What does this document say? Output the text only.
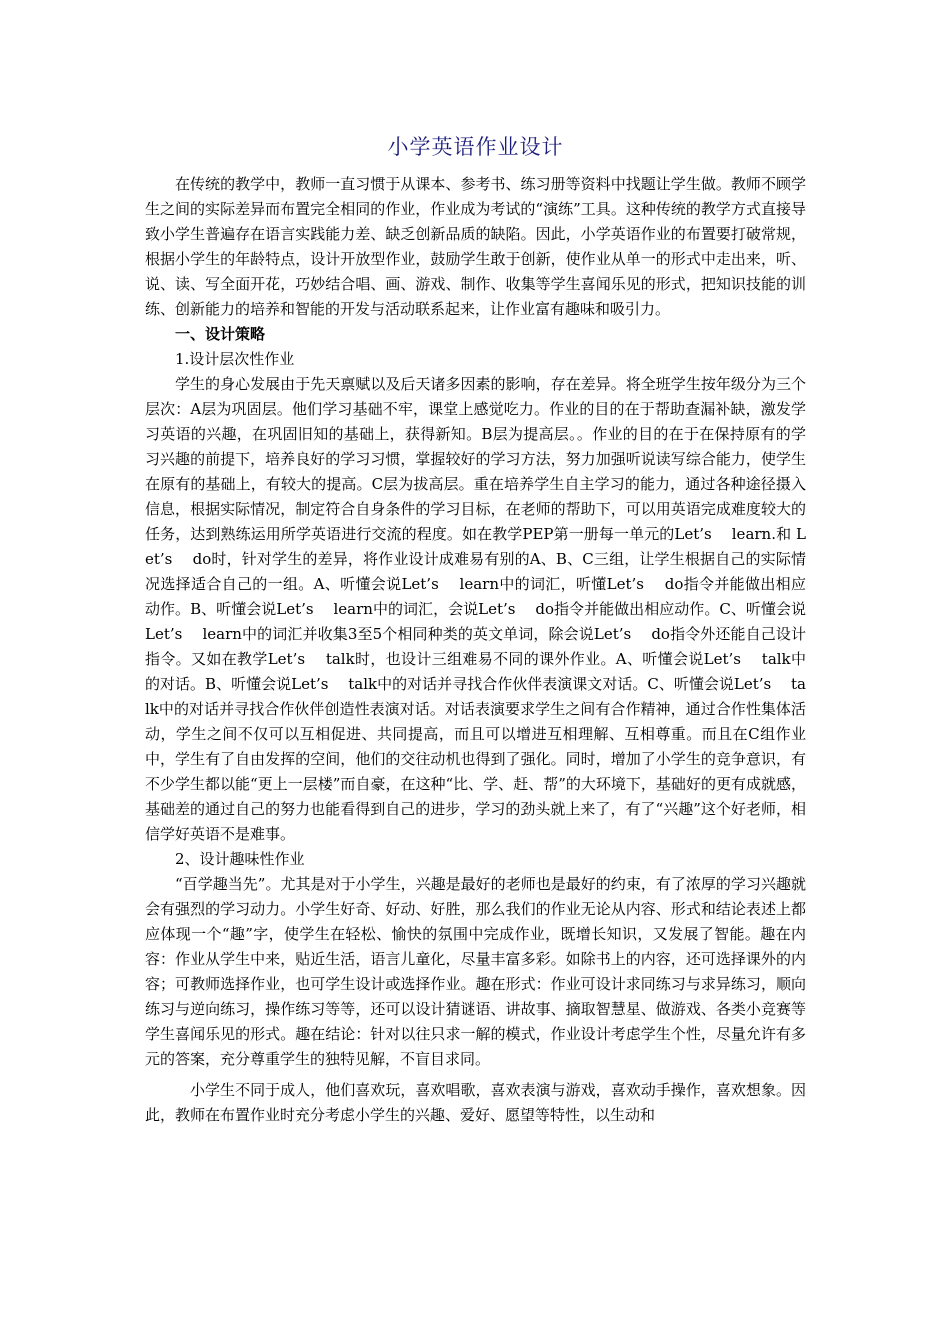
小学英语作业设计

在传统的教学中，教师一直习惯于从课本、参考书、练习册等资料中找题让学生做。教师不顾学生之间的实际差异而布置完全相同的作业，作业成为考试的“演练”工具。这种传统的教学方式直接导致小学生普遍存在语言实践能力差、缺乏创新品质的缺陷。因此，小学英语作业的布置要打破常规，根据小学生的年龄特点，设计开放型作业，鼓励学生敢于创新，使作业从单一的形式中走出来，听、说、读、写全面开花，巧妙结合唱、画、游戏、制作、收集等学生喜闻乐见的形式，把知识技能的训练、创新能力的培养和智能的开发与活动联系起来，让作业富有趣味和吸引力。

一、设计策略

1.设计层次性作业

学生的身心发展由于先天禀赋以及后天诸多因素的影响，存在差异。将全班学生按年级分为三个层次：A层为巩固层。他们学习基础不牢，课堂上感觉吃力。作业的目的在于帮助查漏补缺，激发学习英语的兴趣，在巩固旧知的基础上，获得新知。B层为提高层。。作业的目的在于在保持原有的学习兴趣的前提下，培养良好的学习习惯，掌握较好的学习方法，努力加强听说读写综合能力，使学生在原有的基础上，有较大的提高。C层为拔高层。重在培养学生自主学习的能力，通过各种途径摄入信息，根据实际情况，制定符合自身条件的学习目标，在老师的帮助下，可以用英语完成难度较大的任务，达到熟练运用所学英语进行交流的程度。如在教学PEP第一册每一单元的Let’s　 learn.和 Let’s　 do时，针对学生的差异，将作业设计成难易有别的A、B、C三组，让学生根据自己的实际情况选择适合自己的一组。A、听懂会说Let’s　 learn中的词汇，听懂Let’s　 do指令并能做出相应动作。B、听懂会说Let’s　 learn中的词汇，会说Let’s　 do指令并能做出相应动作。C、听懂会说Let’s　 learn中的词汇并收集3至5个相同种类的英文单词，除会说Let’s　 do指令外还能自己设计指令。又如在教学Let’s　 talk时，也设计三组难易不同的课外作业。A、听懂会说Let’s　 talk中的对话。B、听懂会说Let’s　 talk中的对话并寻找合作伙伴表演课文对话。C、听懂会说Let’s　 talk中的对话并寻找合作伙伴创造性表演对话。对话表演要求学生之间有合作精神，通过合作性集体活动，学生之间不仅可以互相促进、共同提高，而且可以增进互相理解、互相尊重。而且在C组作业中，学生有了自由发挥的空间，他们的交往动机也得到了强化。同时，增加了小学生的竞争意识，有不少学生都以能“更上一层楼”而自豪，在这种“比、学、赶、帮”的大环境下，基础好的更有成就感，基础差的通过自己的努力也能看得到自己的进步，学习的劲头就上来了，有了“兴趣”这个好老师，相信学好英语不是难事。

2、设计趣味性作业

“百学趣当先”。尤其是对于小学生，兴趣是最好的老师也是最好的约束，有了浓厚的学习兴趣就会有强烈的学习动力。小学生好奇、好动、好胜，那么我们的作业无论从内容、形式和结论表述上都应体现一个“趣”字，使学生在轻松、愉快的氛围中完成作业，既增长知识，又发展了智能。趣在内容：作业从学生中来，贴近生活，语言儿童化，尽量丰富多彩。如除书上的内容，还可选择课外的内容；可教师选择作业，也可学生设计或选择作业。趣在形式：作业可设计求同练习与求异练习，顺向练习与逆向练习，操作练习等等，还可以设计猜谜语、讲故事、摘取智慧星、做游戏、各类小竞赛等学生喜闻乐见的形式。趣在结论：针对以往只求一解的模式，作业设计考虑学生个性，尽量允许有多元的答案，充分尊重学生的独特见解，不盲目求同。

小学生不同于成人，他们喜欢玩，喜欢唱歌，喜欢表演与游戏，喜欢动手操作，喜欢想象。因此，教师在布置作业时充分考虑小学生的兴趣、爱好、愿望等特性，以生动和
